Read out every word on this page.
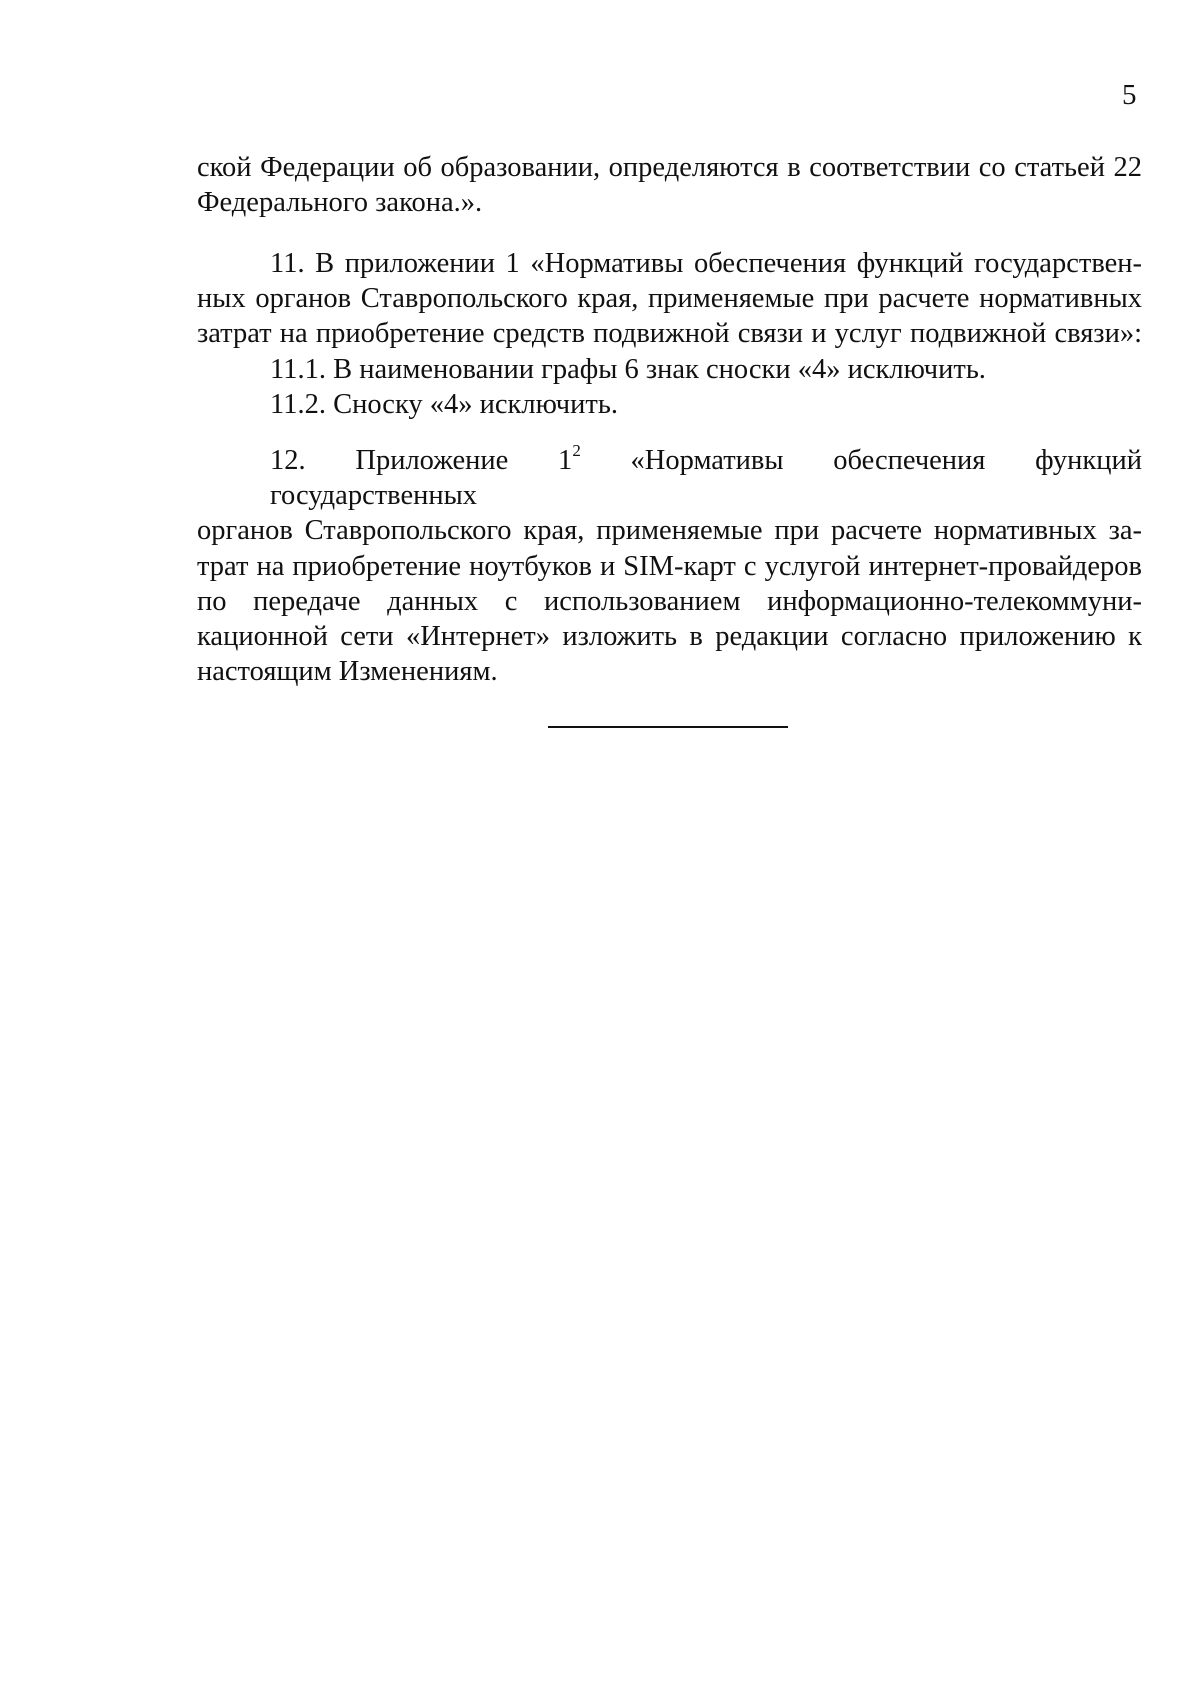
5
ской Федерации об образовании, определяются в соответствии со статьей 22
Федерального закона.».
11. В приложении 1 «Нормативы обеспечения функций государствен-
ных органов Ставропольского края, применяемые при расчете нормативных
затрат на приобретение средств подвижной связи и услуг подвижной связи»:
11.1. В наименовании графы 6 знак сноски «4» исключить.
11.2. Сноску «4» исключить.
12. Приложение $1^2$ «Нормативы обеспечения функций государственных
органов Ставропольского края, применяемые при расчете нормативных за-
трат на приобретение ноутбуков и SIM-карт с услугой интернет-провайдеров
по передаче данных с использованием информационно-телекоммуни-
кационной сети «Интернет» изложить в редакции согласно приложению к
настоящим Изменениям.
